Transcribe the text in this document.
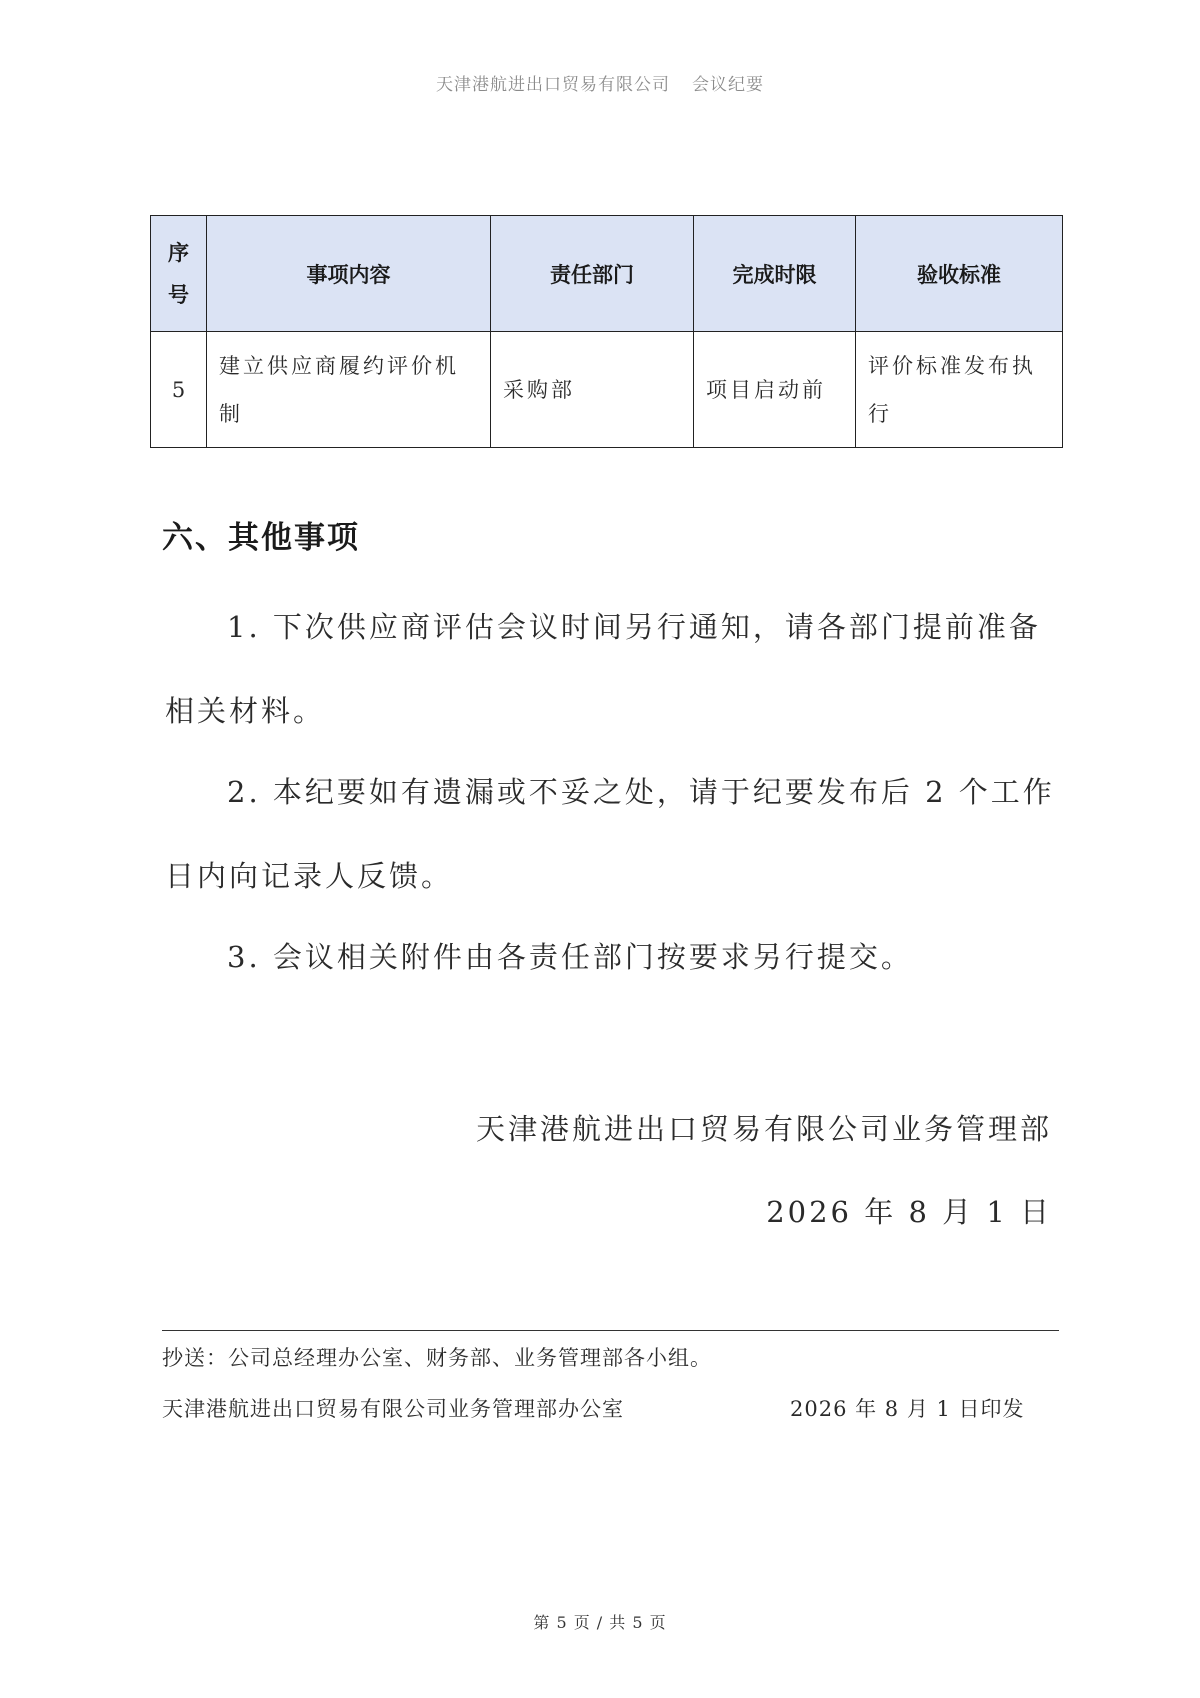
天津港航进出口贸易有限公司 会议纪要
序号	事项内容	责任部门	完成时限	验收标准
5	建立供应商履约评价机制	采购部	项目启动前	评价标准发布执行
六、其他事项

1. 下次供应商评估会议时间另行通知，请各部门提前准备相关材料。

2. 本纪要如有遗漏或不妥之处，请于纪要发布后 2 个工作日内向记录人反馈。

3. 会议相关附件由各责任部门按要求另行提交。

天津港航进出口贸易有限公司业务管理部
2026 年 8 月 1 日
抄送：公司总经理办公室、财务部、业务管理部各小组。
天津港航进出口贸易有限公司业务管理部办公室	2026 年 8 月 1 日印发
第 5 页 / 共 5 页
